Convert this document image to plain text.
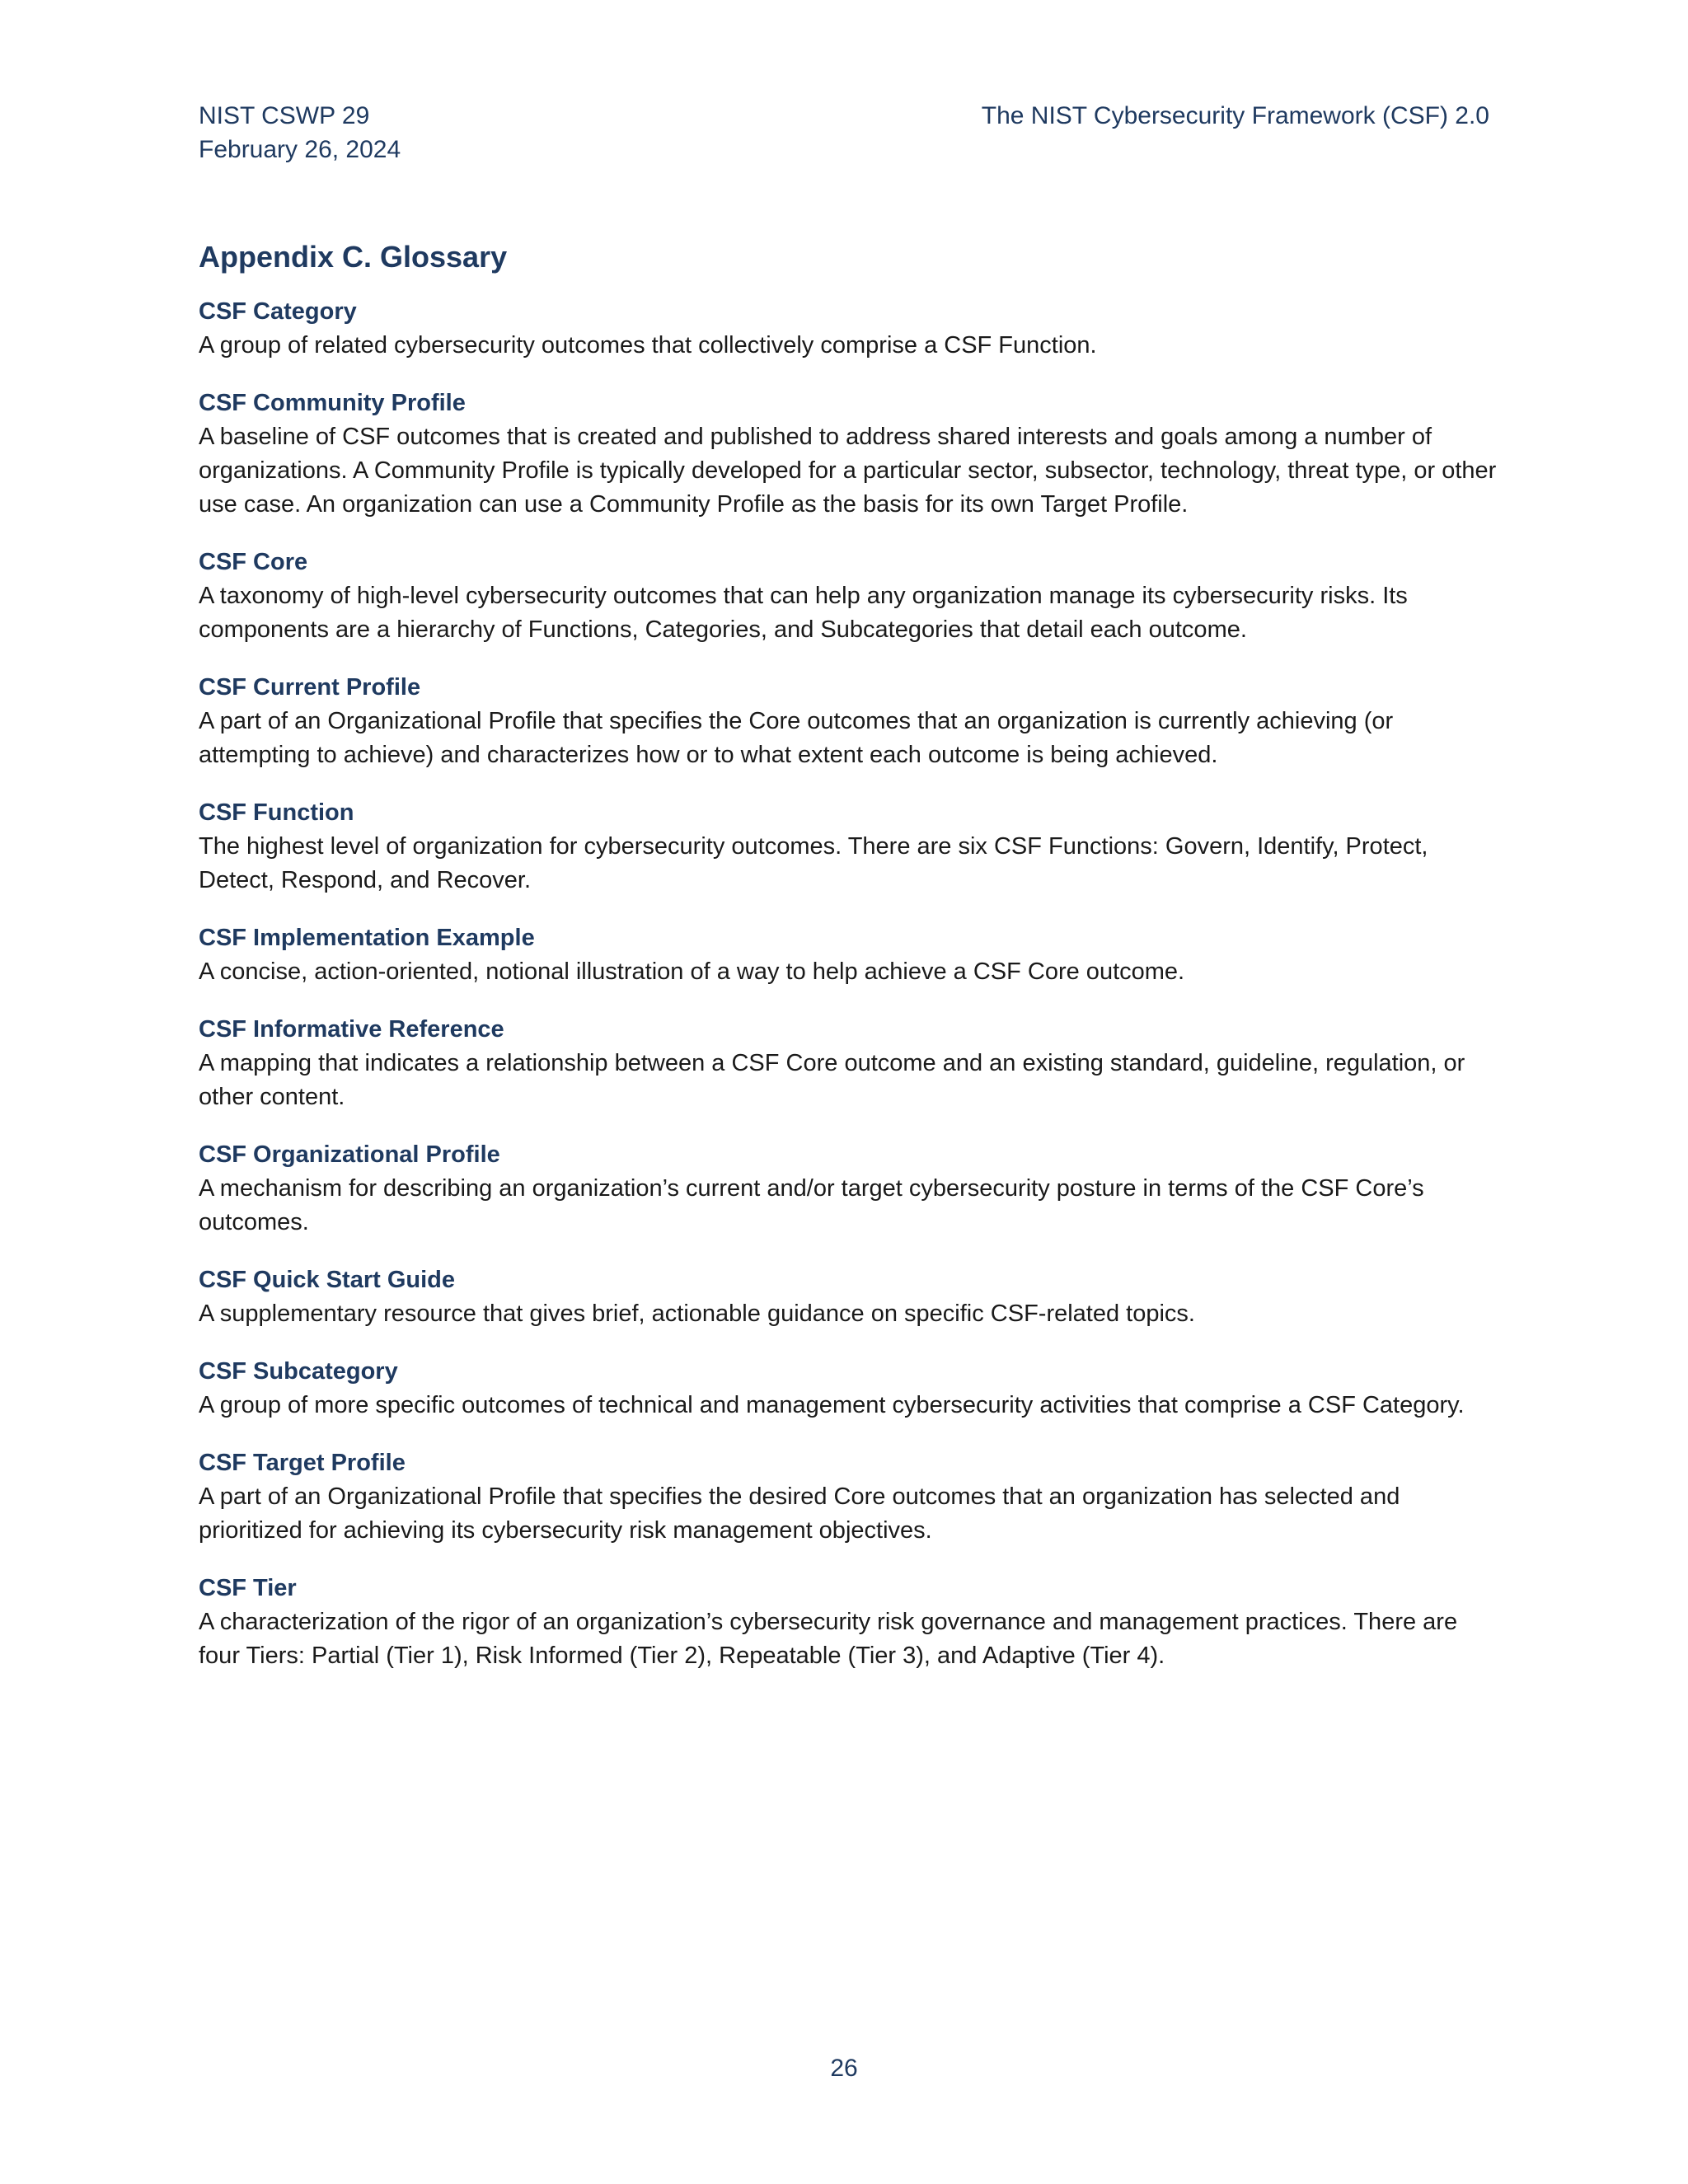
NIST CSWP 29
February 26, 2024
The NIST Cybersecurity Framework (CSF) 2.0
Appendix C. Glossary
CSF Category
A group of related cybersecurity outcomes that collectively comprise a CSF Function.
CSF Community Profile
A baseline of CSF outcomes that is created and published to address shared interests and goals among a number of organizations. A Community Profile is typically developed for a particular sector, subsector, technology, threat type, or other use case. An organization can use a Community Profile as the basis for its own Target Profile.
CSF Core
A taxonomy of high-level cybersecurity outcomes that can help any organization manage its cybersecurity risks. Its components are a hierarchy of Functions, Categories, and Subcategories that detail each outcome.
CSF Current Profile
A part of an Organizational Profile that specifies the Core outcomes that an organization is currently achieving (or attempting to achieve) and characterizes how or to what extent each outcome is being achieved.
CSF Function
The highest level of organization for cybersecurity outcomes. There are six CSF Functions: Govern, Identify, Protect, Detect, Respond, and Recover.
CSF Implementation Example
A concise, action-oriented, notional illustration of a way to help achieve a CSF Core outcome.
CSF Informative Reference
A mapping that indicates a relationship between a CSF Core outcome and an existing standard, guideline, regulation, or other content.
CSF Organizational Profile
A mechanism for describing an organization’s current and/or target cybersecurity posture in terms of the CSF Core’s outcomes.
CSF Quick Start Guide
A supplementary resource that gives brief, actionable guidance on specific CSF-related topics.
CSF Subcategory
A group of more specific outcomes of technical and management cybersecurity activities that comprise a CSF Category.
CSF Target Profile
A part of an Organizational Profile that specifies the desired Core outcomes that an organization has selected and prioritized for achieving its cybersecurity risk management objectives.
CSF Tier
A characterization of the rigor of an organization’s cybersecurity risk governance and management practices. There are four Tiers: Partial (Tier 1), Risk Informed (Tier 2), Repeatable (Tier 3), and Adaptive (Tier 4).
26
